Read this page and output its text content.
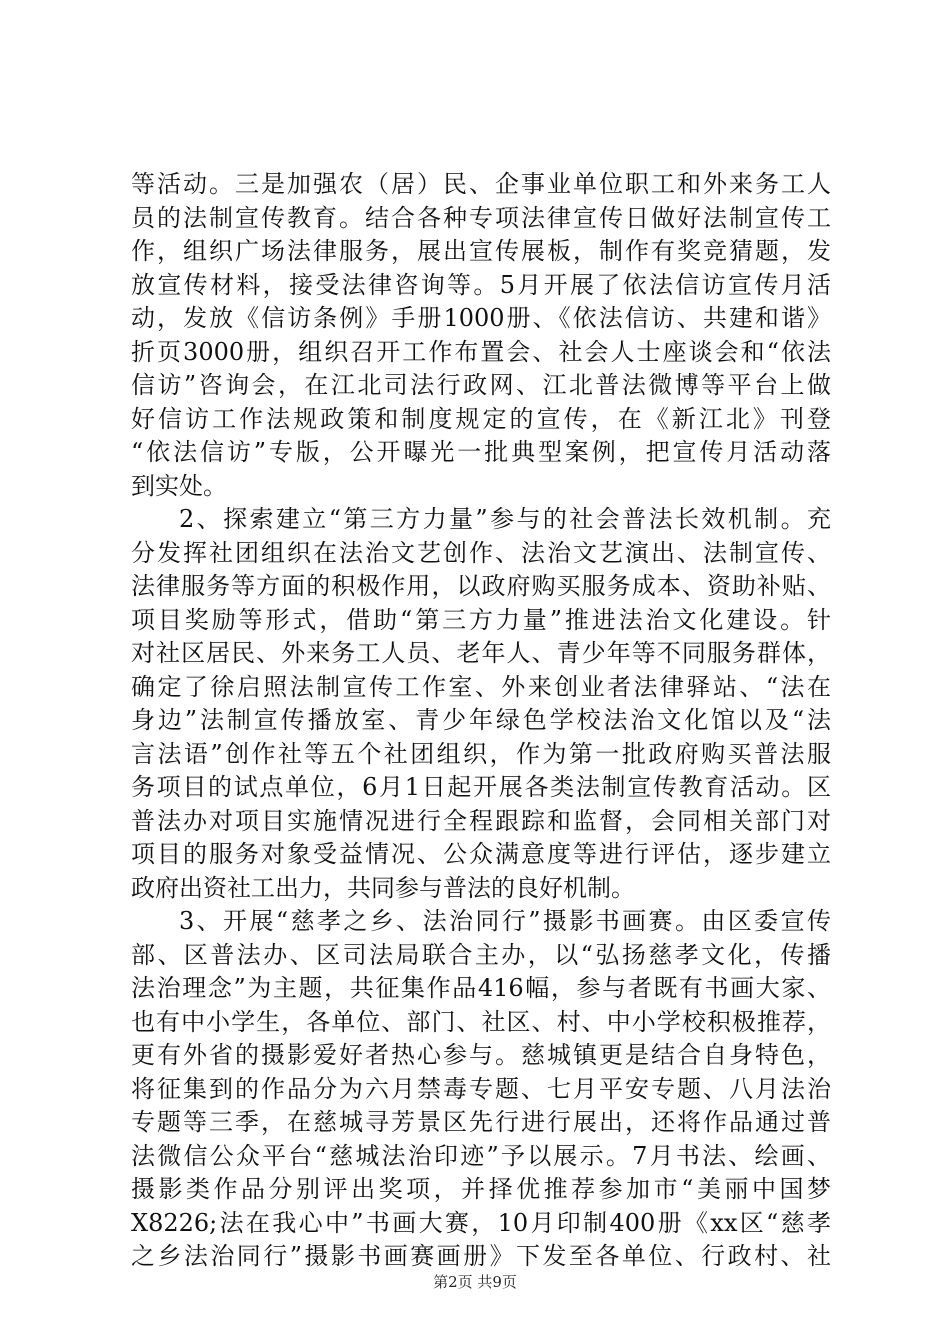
等活动。三是加强农（居）民、企事业单位职工和外来务工人
员的法制宣传教育。结合各种专项法律宣传日做好法制宣传工
作，组织广场法律服务，展出宣传展板，制作有奖竞猜题，发
放宣传材料，接受法律咨询等。5月开展了依法信访宣传月活
动，发放《信访条例》手册1000册、《依法信访、共建和谐》
折页3000册，组织召开工作布置会、社会人士座谈会和“依法
信访”咨询会，在江北司法行政网、江北普法微博等平台上做
好信访工作法规政策和制度规定的宣传，在《新江北》刊登
“依法信访”专版，公开曝光一批典型案例，把宣传月活动落
到实处。
2、探索建立“第三方力量”参与的社会普法长效机制。充
分发挥社团组织在法治文艺创作、法治文艺演出、法制宣传、
法律服务等方面的积极作用，以政府购买服务成本、资助补贴、
项目奖励等形式，借助“第三方力量”推进法治文化建设。针
对社区居民、外来务工人员、老年人、青少年等不同服务群体，
确定了徐启照法制宣传工作室、外来创业者法律驿站、“法在
身边”法制宣传播放室、青少年绿色学校法治文化馆以及“法
言法语”创作社等五个社团组织，作为第一批政府购买普法服
务项目的试点单位，6月1日起开展各类法制宣传教育活动。区
普法办对项目实施情况进行全程跟踪和监督，会同相关部门对
项目的服务对象受益情况、公众满意度等进行评估，逐步建立
政府出资社工出力，共同参与普法的良好机制。
3、开展“慈孝之乡、法治同行”摄影书画赛。由区委宣传
部、区普法办、区司法局联合主办，以“弘扬慈孝文化，传播
法治理念”为主题，共征集作品416幅，参与者既有书画大家、
也有中小学生，各单位、部门、社区、村、中小学校积极推荐，
更有外省的摄影爱好者热心参与。慈城镇更是结合自身特色，
将征集到的作品分为六月禁毒专题、七月平安专题、八月法治
专题等三季，在慈城寻芳景区先行进行展出，还将作品通过普
法微信公众平台“慈城法治印迹”予以展示。7月书法、绘画、
摄影类作品分别评出奖项，并择优推荐参加市“美丽中国梦
X8226;法在我心中”书画大赛，10月印制400册《xx区“慈孝
之乡法治同行”摄影书画赛画册》下发至各单位、行政村、社
第2页 共9页
